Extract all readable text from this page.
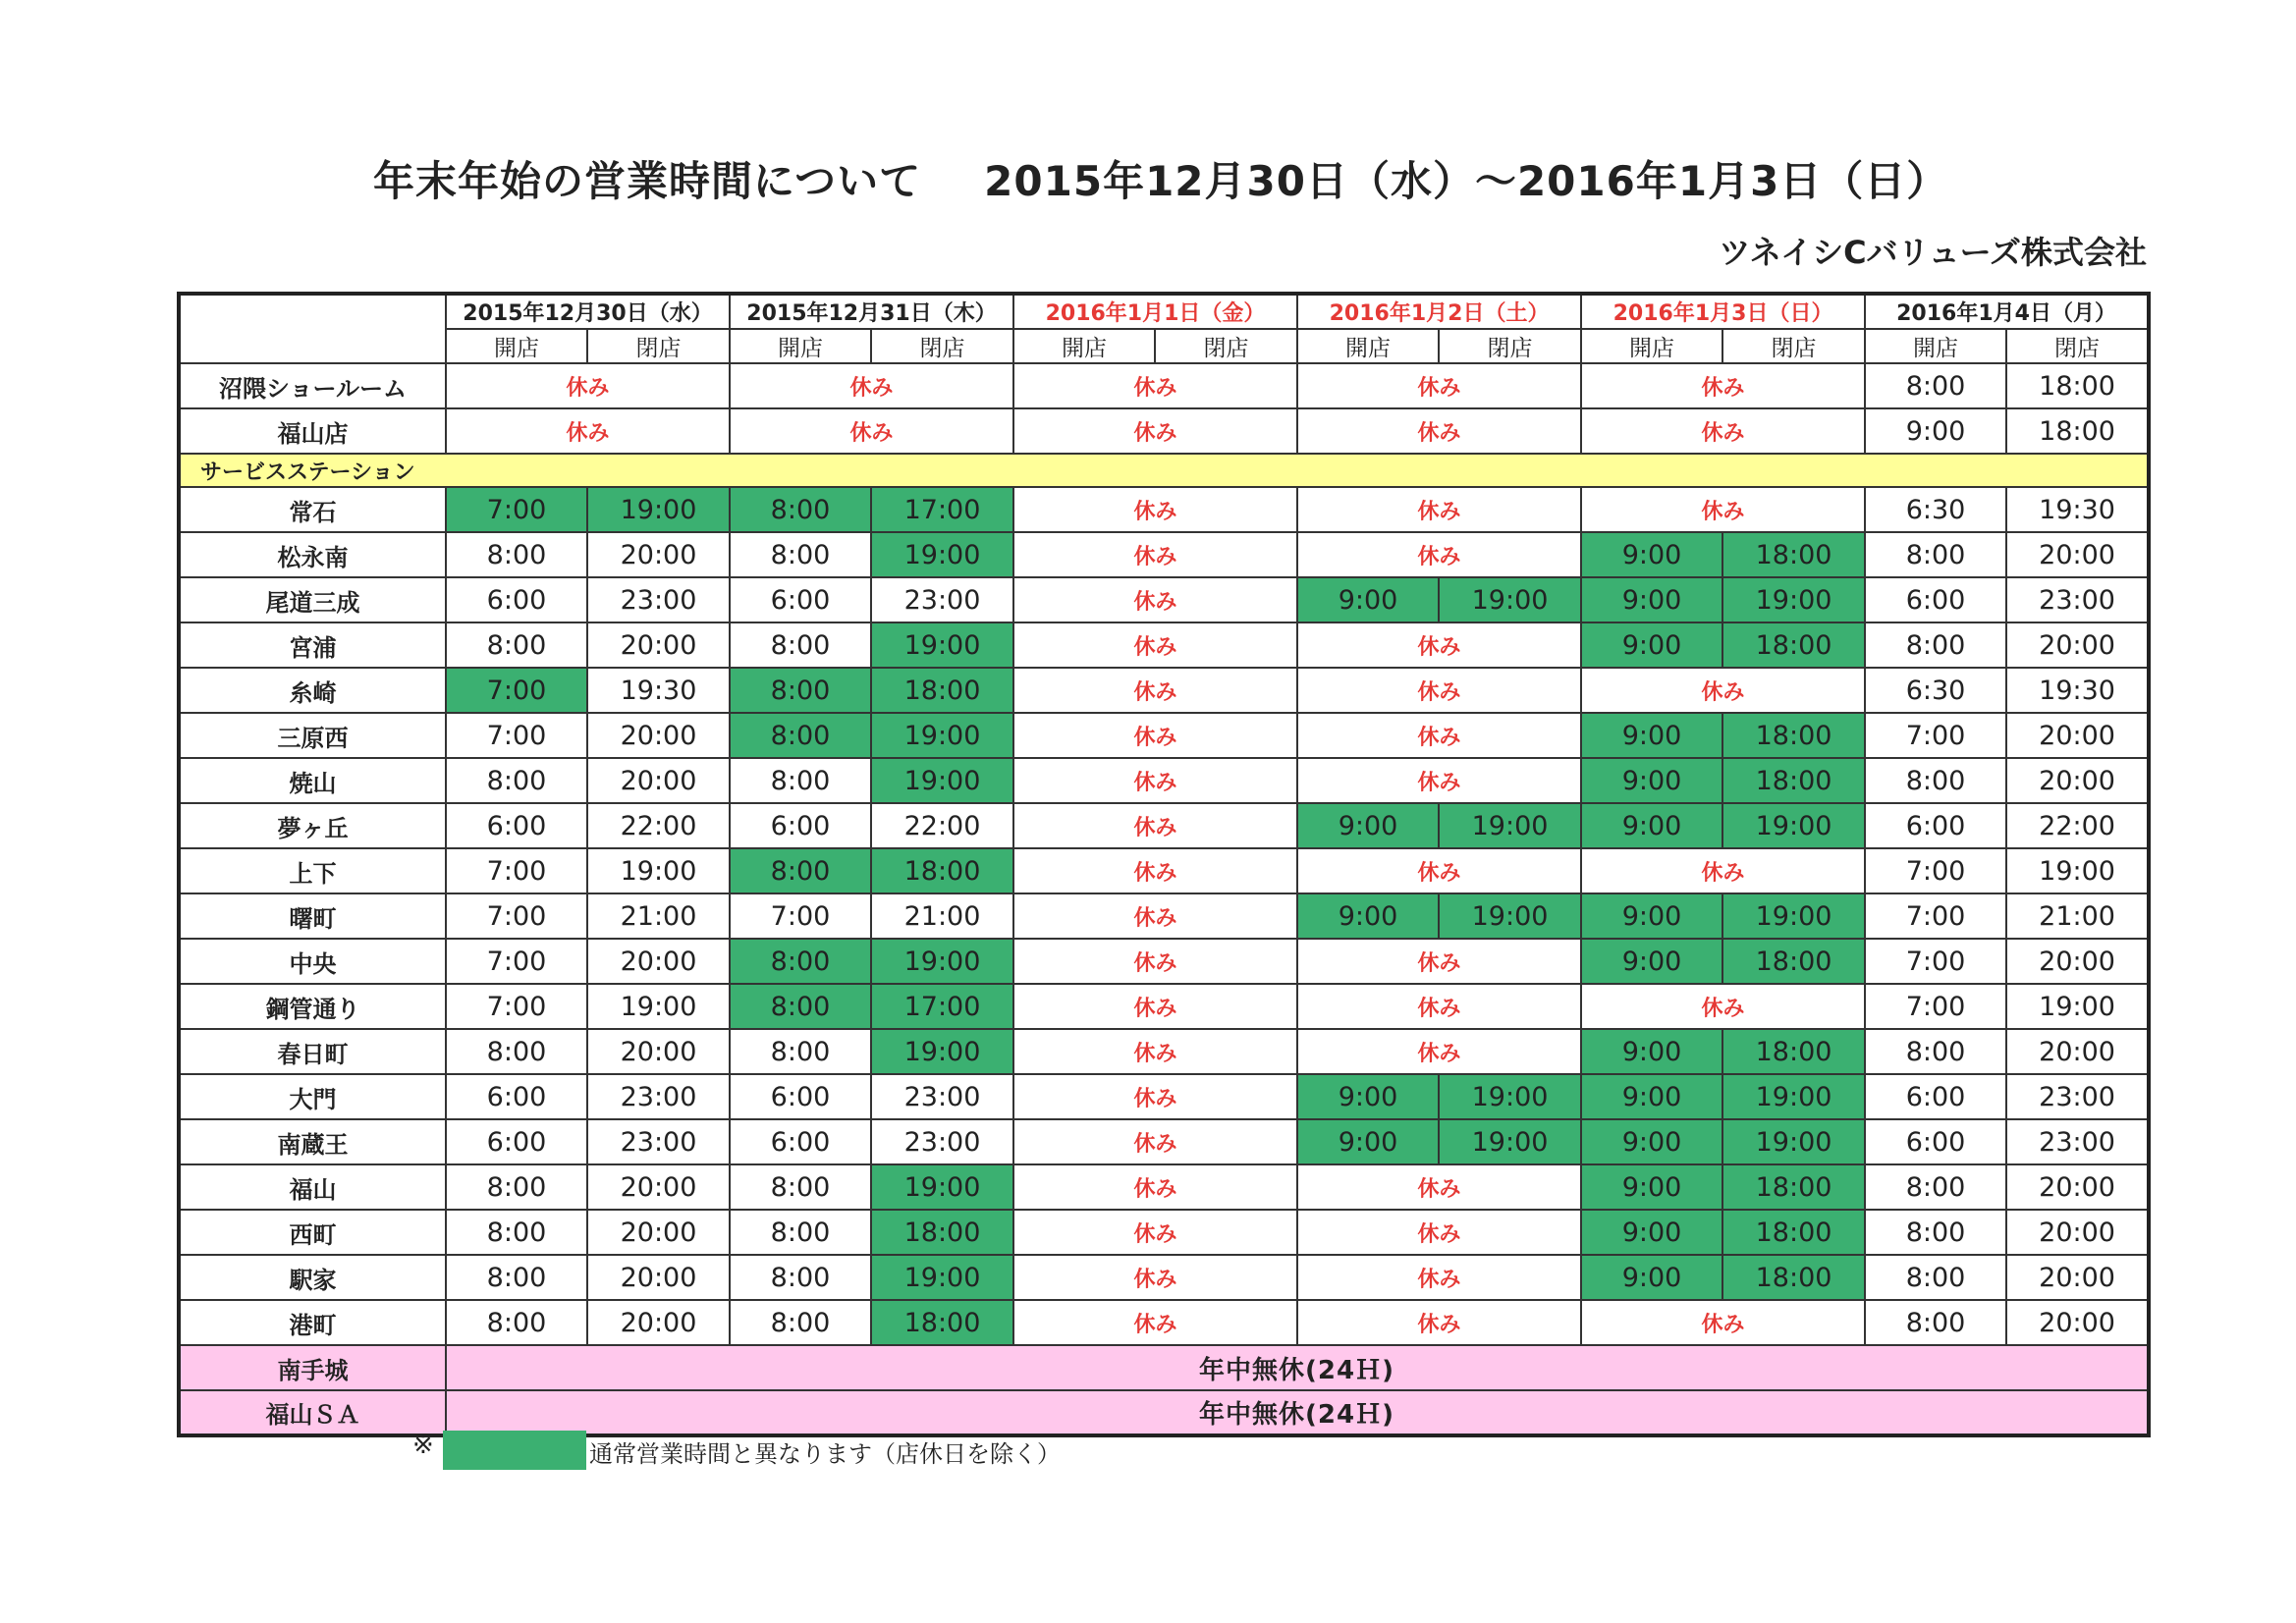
年末年始の営業時間について 2015年12月30日（水）～2016年1月3日（日）
ツネイシCバリューズ株式会社
	2015年12月30日（水）		2015年12月31日（木）		2016年1月1日（金）		2016年1月2日（土）		2016年1月3日（日）		2016年1月4日（月）	
	開店	閉店	開店	閉店	開店	閉店	開店	閉店	開店	閉店	開店	閉店
沼隈ショールーム	休み		休み		休み		休み		休み		8:00	18:00
福山店	休み		休み		休み		休み		休み		9:00	18:00
サービスステーション												
常石	7:00	19:00	8:00	17:00	休み		休み		休み		6:30	19:30
松永南	8:00	20:00	8:00	19:00	休み		休み		9:00	18:00	8:00	20:00
尾道三成	6:00	23:00	6:00	23:00	休み		9:00	19:00	9:00	19:00	6:00	23:00
宮浦	8:00	20:00	8:00	19:00	休み		休み		9:00	18:00	8:00	20:00
糸崎	7:00	19:30	8:00	18:00	休み		休み		休み		6:30	19:30
三原西	7:00	20:00	8:00	19:00	休み		休み		9:00	18:00	7:00	20:00
焼山	8:00	20:00	8:00	19:00	休み		休み		9:00	18:00	8:00	20:00
夢ヶ丘	6:00	22:00	6:00	22:00	休み		9:00	19:00	9:00	19:00	6:00	22:00
上下	7:00	19:00	8:00	18:00	休み		休み		休み		7:00	19:00
曙町	7:00	21:00	7:00	21:00	休み		9:00	19:00	9:00	19:00	7:00	21:00
中央	7:00	20:00	8:00	19:00	休み		休み		9:00	18:00	7:00	20:00
鋼管通り	7:00	19:00	8:00	17:00	休み		休み		休み		7:00	19:00
春日町	8:00	20:00	8:00	19:00	休み		休み		9:00	18:00	8:00	20:00
大門	6:00	23:00	6:00	23:00	休み		9:00	19:00	9:00	19:00	6:00	23:00
南蔵王	6:00	23:00	6:00	23:00	休み		9:00	19:00	9:00	19:00	6:00	23:00
福山	8:00	20:00	8:00	19:00	休み		休み		9:00	18:00	8:00	20:00
西町	8:00	20:00	8:00	18:00	休み		休み		9:00	18:00	8:00	20:00
駅家	8:00	20:00	8:00	19:00	休み		休み		9:00	18:00	8:00	20:00
港町	8:00	20:00	8:00	18:00	休み		休み		休み		8:00	20:00
南手城	年中無休(24Ｈ)											
福山ＳＡ	年中無休(24Ｈ)											
※	通常営業時間と異なります（店休日を除く）
